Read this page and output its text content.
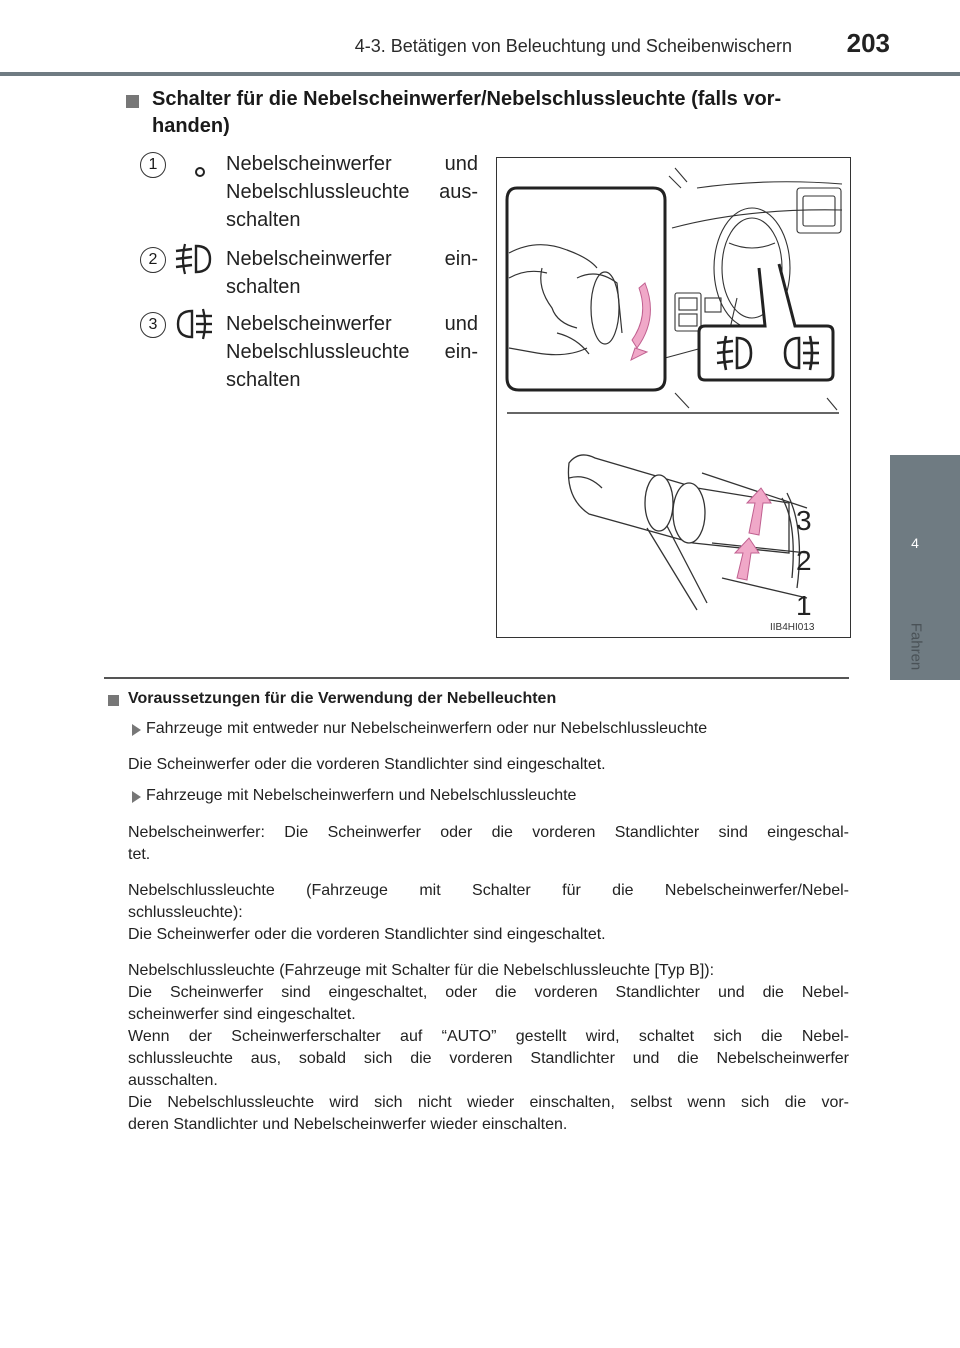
4-3. Betätigen von Beleuchtung und Scheibenwischern	203
4
Fahren
Schalter für die Nebelscheinwerfer/Nebelschlussleuchte (falls vor-
handen)
1	Nebelscheinwerfer	und
Nebelschlussleuchte aus-
schalten
2	Nebelscheinwerfer	ein-
schalten
3	Nebelscheinwerfer	und
Nebelschlussleuchte ein-
schalten
3
2
1
IIB4HI013
Voraussetzungen für die Verwendung der Nebelleuchten
Fahrzeuge mit entweder nur Nebelscheinwerfern oder nur Nebelschlussleuchte
Die Scheinwerfer oder die vorderen Standlichter sind eingeschaltet.
Fahrzeuge mit Nebelscheinwerfern und Nebelschlussleuchte
Nebelscheinwerfer: Die Scheinwerfer oder die vorderen Standlichter sind eingeschal-
tet.
Nebelschlussleuchte (Fahrzeuge mit Schalter für die Nebelscheinwerfer/Nebel-
schlussleuchte):
Die Scheinwerfer oder die vorderen Standlichter sind eingeschaltet.
Nebelschlussleuchte (Fahrzeuge mit Schalter für die Nebelschlussleuchte [Typ B]):
Die Scheinwerfer sind eingeschaltet, oder die vorderen Standlichter und die Nebel-
scheinwerfer sind eingeschaltet.
Wenn der Scheinwerferschalter auf “AUTO” gestellt wird, schaltet sich die Nebel-
schlussleuchte aus, sobald sich die vorderen Standlichter und die Nebelscheinwerfer
ausschalten.
Die Nebelschlussleuchte wird sich nicht wieder einschalten, selbst wenn sich die vor-
deren Standlichter und Nebelscheinwerfer wieder einschalten.
